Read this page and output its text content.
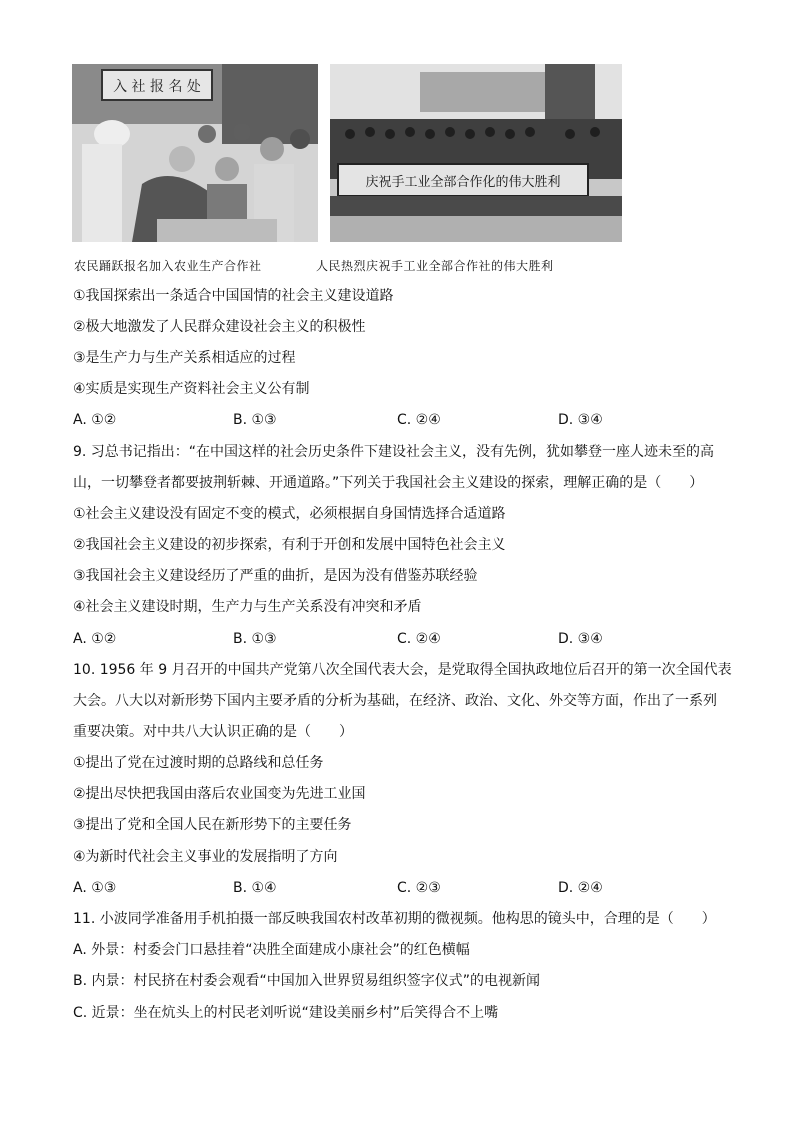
入 社 报 名 处
庆祝手工业全部合作化的伟大胜利
农民踊跃报名加入农业生产合作社	人民热烈庆祝手工业全部合作社的伟大胜利
①我国探索出一条适合中国国情的社会主义建设道路
②极大地激发了人民群众建设社会主义的积极性
③是生产力与生产关系相适应的过程
④实质是实现生产资料社会主义公有制
A. ①②	B. ①③	C. ②④	D. ③④
9. 习总书记指出：“在中国这样的社会历史条件下建设社会主义，没有先例，犹如攀登一座人迹未至的高
山，一切攀登者都要披荆斩棘、开通道路。”下列关于我国社会主义建设的探索，理解正确的是（　　）
①社会主义建设没有固定不变的模式，必须根据自身国情选择合适道路
②我国社会主义建设的初步探索，有利于开创和发展中国特色社会主义
③我国社会主义建设经历了严重的曲折，是因为没有借鉴苏联经验
④社会主义建设时期，生产力与生产关系没有冲突和矛盾
A. ①②	B. ①③	C. ②④	D. ③④
10. 1956 年 9 月召开的中国共产党第八次全国代表大会，是党取得全国执政地位后召开的第一次全国代表
大会。八大以对新形势下国内主要矛盾的分析为基础，在经济、政治、文化、外交等方面，作出了一系列
重要决策。对中共八大认识正确的是（　　）
①提出了党在过渡时期的总路线和总任务
②提出尽快把我国由落后农业国变为先进工业国
③提出了党和全国人民在新形势下的主要任务
④为新时代社会主义事业的发展指明了方向
A. ①③	B. ①④	C. ②③	D. ②④
11. 小波同学准备用手机拍摄一部反映我国农村改革初期的微视频。他构思的镜头中，合理的是（　　）
A. 外景：村委会门口悬挂着“决胜全面建成小康社会”的红色横幅
B. 内景：村民挤在村委会观看“中国加入世界贸易组织签字仪式”的电视新闻
C. 近景：坐在炕头上的村民老刘听说“建设美丽乡村”后笑得合不上嘴
